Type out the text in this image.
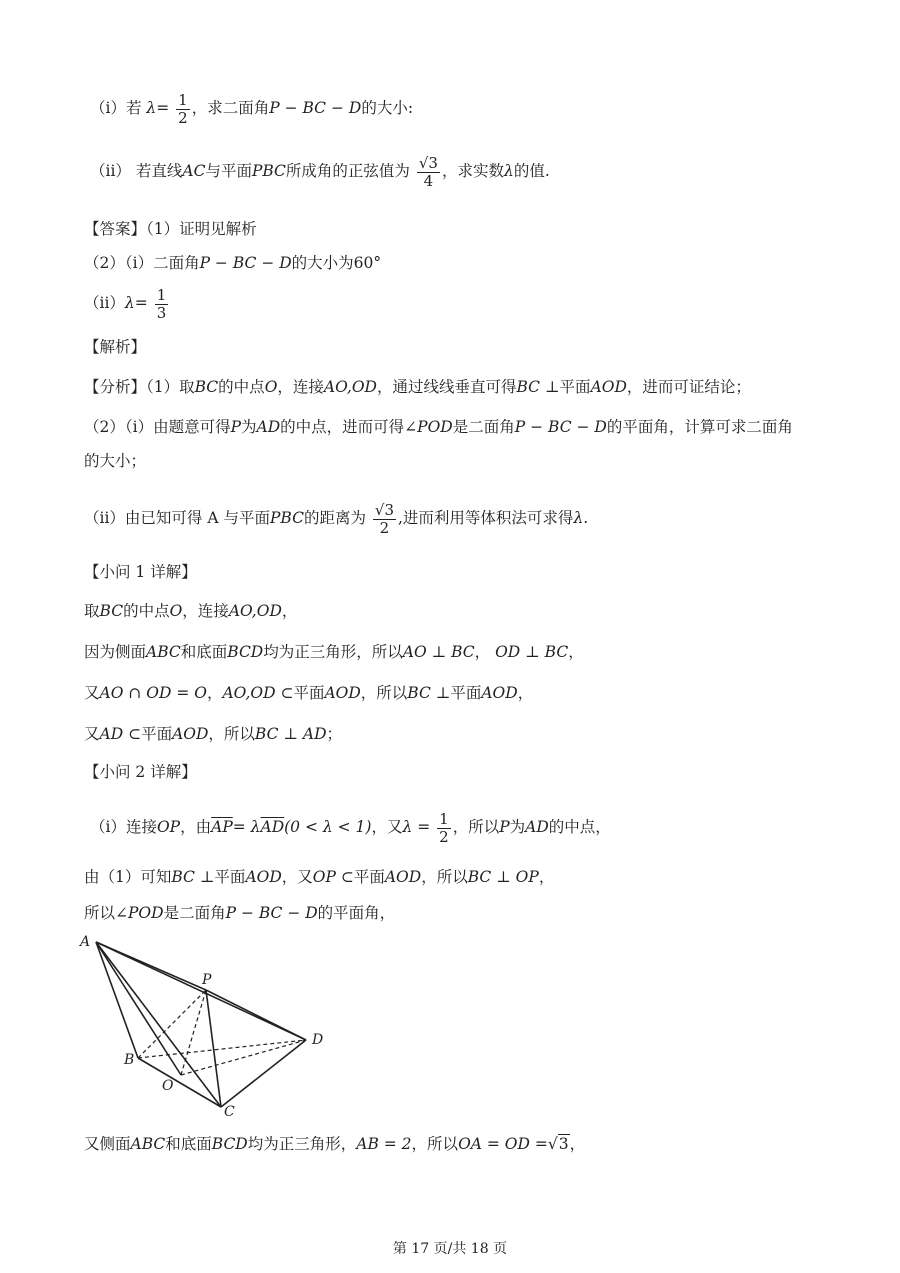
（i）若 $\lambda= \frac{1}{2}$ ，求二面角P − BC − D的大小:
（ii） 若直线AC与平面PBC所成角的正弦值为 $\frac{√3}{4}$ ，求实数λ的值.
【答案】（1）证明见解析
（2）（i）二面角P − BC − D的大小为60°
$(ii)\lambda= \frac{1}{3}$
【解析】
【分析】（1）取BC的中点O，连接AO,OD，通过线线垂直可得BC ⊥平面AOD，进而可证结论；
（2）（i）由题意可得P为AD的中点，进而可得∠POD是二面角P − BC − D的平面角，计算可求二面角
的大小；
（ii）由已知可得 A 与平面PBC的距离为 $\frac{√3}{2}$ ,进而利用等体积法可求得λ.
【小问 1 详解】
取BC的中点O，连接AO,OD，
因为侧面ABC和底面BCD均为正三角形，所以AO ⊥ BC， OD ⊥ BC，
又AO ∩ OD = O，AO,OD ⊂平面AOD，所以BC ⊥平面AOD，
又AD ⊂平面AOD，所以BC ⊥ AD；
【小问 2 详解】
（i）连接OP，由$\overline{AP}= \lambda\overline{AD}(0 < \lambda < 1)$，又$\lambda = \frac{1}{2}$ ，所以P为AD的中点，
由（1）可知BC ⊥平面AOD，又OP ⊂平面AOD，所以BC ⊥ OP，
所以∠POD是二面角P − BC − D的平面角，
A
P
D
B
O
C
又侧面ABC和底面BCD均为正三角形，AB = 2，所以OA = OD =√3，
第 17 页/共 18 页
